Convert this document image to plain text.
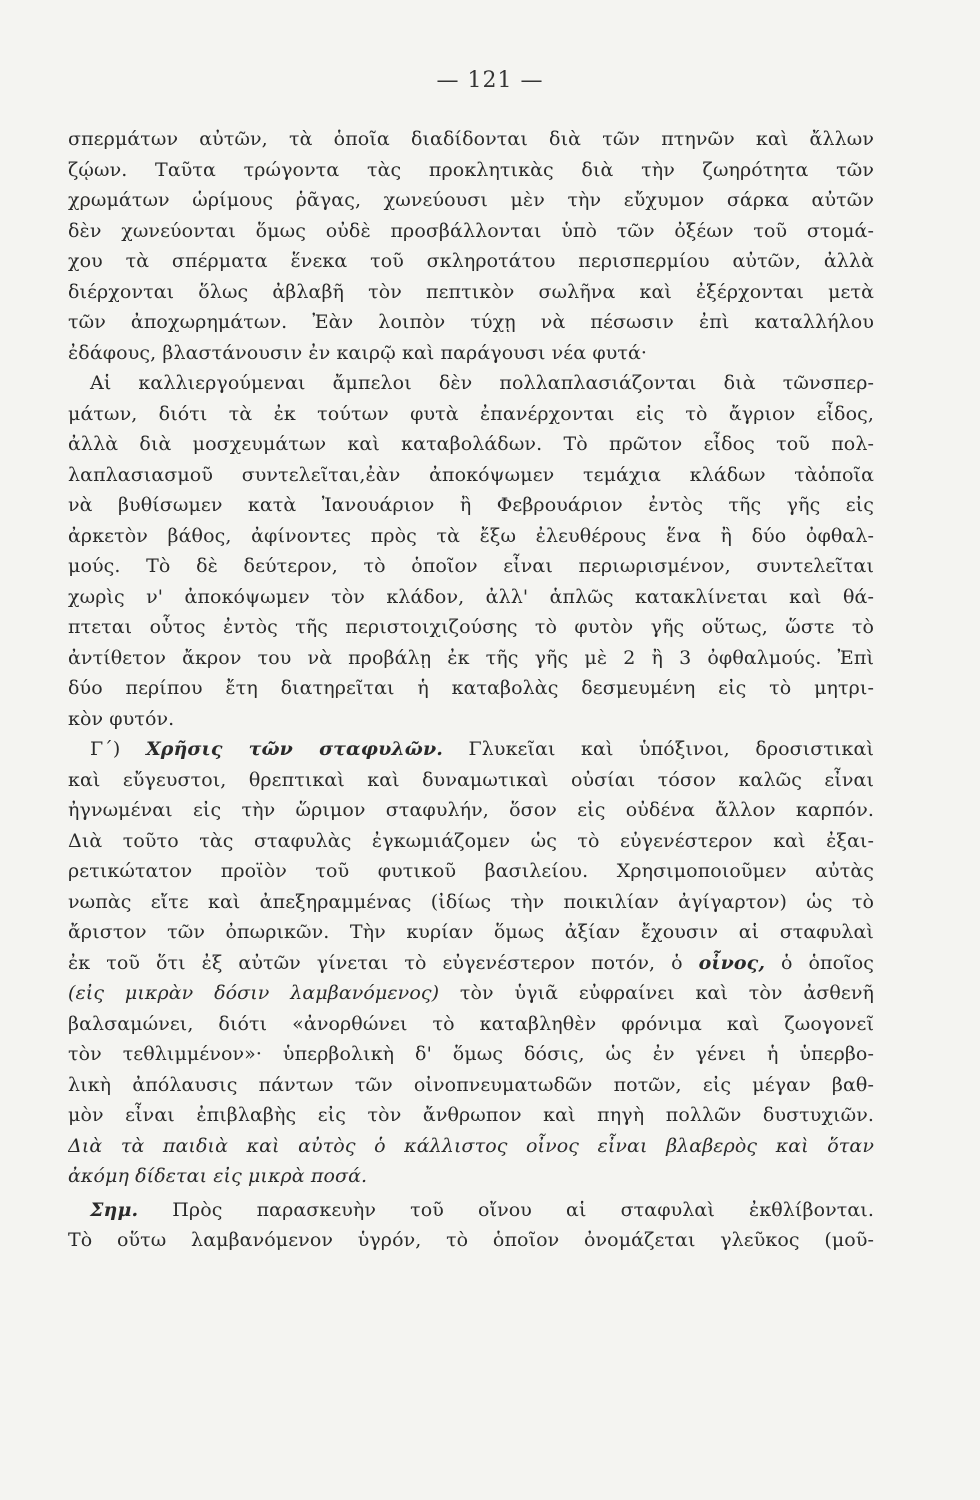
— 121 —
σπερμάτων αὐτῶν, τὰ ὁποῖα διαδίδονται διὰ τῶν πτηνῶν καὶ ἄλλων
ζῴων. Ταῦτα τρώγοντα τὰς προκλητικὰς διὰ τὴν ζωηρότητα τῶν
χρωμάτων ὡρίμους ῥᾶγας, χωνεύουσι μὲν τὴν εὔχυμον σάρκα αὐτῶν
δὲν χωνεύονται ὅμως οὐδὲ προσβάλλονται ὑπὸ τῶν ὀξέων τοῦ στομά-
χου τὰ σπέρματα ἕνεκα τοῦ σκληροτάτου περισπερμίου αὐτῶν, ἀλλὰ
διέρχονται ὅλως ἀβλαβῆ τὸν πεπτικὸν σωλῆνα καὶ ἐξέρχονται μετὰ
τῶν ἀποχωρημάτων. Ἐὰν λοιπὸν τύχῃ νὰ πέσωσιν ἐπὶ καταλλήλου
ἐδάφους, βλαστάνουσιν ἐν καιρῷ καὶ παράγουσι νέα φυτά·
Αἱ καλλιεργούμεναι ἄμπελοι δὲν πολλαπλασιάζονται διὰ τῶνσπερ-
μάτων, διότι τὰ ἐκ τούτων φυτὰ ἐπανέρχονται εἰς τὸ ἄγριον εἶδος,
ἀλλὰ διὰ μοσχευμάτων καὶ καταβολάδων. Τὸ πρῶτον εἶδος τοῦ πολ-
λαπλασιασμοῦ συντελεῖται,ἐὰν ἀποκόψωμεν τεμάχια κλάδων τὰὁποῖα
νὰ βυθίσωμεν κατὰ Ἰανουάριον ἢ Φεβρουάριον ἐντὸς τῆς γῆς εἰς
ἀρκετὸν βάθος, ἀφίνοντες πρὸς τὰ ἔξω ἐλευθέρους ἕνα ἢ δύο ὀφθαλ-
μούς. Τὸ δὲ δεύτερον, τὸ ὁποῖον εἶναι περιωρισμένον, συντελεῖται
χωρὶς ν' ἀποκόψωμεν τὸν κλάδον, ἀλλ' ἁπλῶς κατακλίνεται καὶ θά-
πτεται οὗτος ἐντὸς τῆς περιστοιχιζούσης τὸ φυτὸν γῆς οὕτως, ὥστε τὸ
ἀντίθετον ἄκρον του νὰ προβάλῃ ἐκ τῆς γῆς μὲ 2 ἢ 3 ὀφθαλμούς. Ἐπὶ
δύο περίπου ἔτη διατηρεῖται ἡ καταβολὰς δεσμευμένη εἰς τὸ μητρι-
κὸν φυτόν.
Γ΄) Χρῆσις τῶν σταφυλῶν. Γλυκεῖαι καὶ ὑπόξινοι, δροσιστικαὶ
καὶ εὔγευστοι, θρεπτικαὶ καὶ δυναμωτικαὶ οὐσίαι τόσον καλῶς εἶναι
ἠγνωμέναι εἰς τὴν ὥριμον σταφυλήν, ὅσον εἰς οὐδένα ἄλλον καρπόν.
Διὰ τοῦτο τὰς σταφυλὰς ἐγκωμιάζομεν ὡς τὸ εὐγενέστερον καὶ ἐξαι-
ρετικώτατον προϊὸν τοῦ φυτικοῦ βασιλείου. Χρησιμοποιοῦμεν αὐτὰς
νωπὰς εἴτε καὶ ἀπεξηραμμένας (ἰδίως τὴν ποικιλίαν ἀγίγαρτον) ὡς τὸ
ἄριστον τῶν ὀπωρικῶν. Τὴν κυρίαν ὅμως ἀξίαν ἔχουσιν αἱ σταφυλαὶ
ἐκ τοῦ ὅτι ἐξ αὐτῶν γίνεται τὸ εὐγενέστερον ποτόν, ὁ οἶνος, ὁ ὁποῖος
(εἰς μικρὰν δόσιν λαμβανόμενος) τὸν ὑγιᾶ εὐφραίνει καὶ τὸν ἀσθενῆ
βαλσαμώνει, διότι «ἀνορθώνει τὸ καταβληθὲν φρόνιμα καὶ ζωογονεῖ
τὸν τεθλιμμένον»· ὑπερβολικὴ δ' ὅμως δόσις, ὡς ἐν γένει ἡ ὑπερβο-
λικὴ ἀπόλαυσις πάντων τῶν οἰνοπνευματωδῶν ποτῶν, εἰς μέγαν βαθ-
μὸν εἶναι ἐπιβλαβὴς εἰς τὸν ἄνθρωπον καὶ πηγὴ πολλῶν δυστυχιῶν.
Διὰ τὰ παιδιὰ καὶ αὐτὸς ὁ κάλλιστος οἶνος εἶναι βλαβερὸς καὶ ὅταν
ἀκόμη δίδεται εἰς μικρὰ ποσά.
Σημ. Πρὸς παρασκευὴν τοῦ οἴνου αἱ σταφυλαὶ ἐκθλίβονται.
Τὸ οὕτω λαμβανόμενον ὑγρόν, τὸ ὁποῖον ὀνομάζεται γλεῦκος (μοῦ-
